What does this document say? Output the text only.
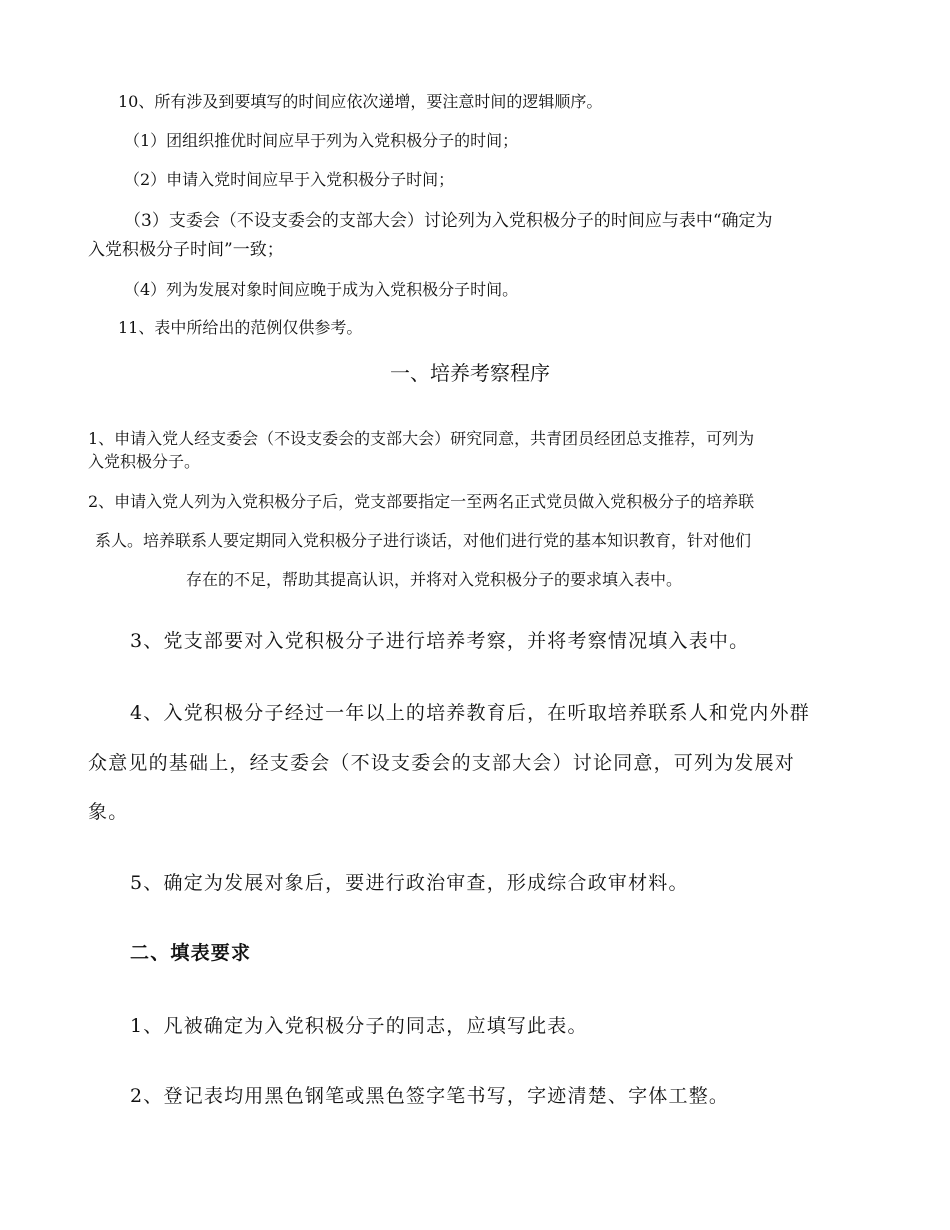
10、所有涉及到要填写的时间应依次递增，要注意时间的逻辑顺序。
（1）团组织推优时间应早于列为入党积极分子的时间；
（2）申请入党时间应早于入党积极分子时间；
（3）支委会（不设支委会的支部大会）讨论列为入党积极分子的时间应与表中“确定为
入党积极分子时间”一致；
（4）列为发展对象时间应晚于成为入党积极分子时间。
11、表中所给出的范例仅供参考。
一、培养考察程序
1、申请入党人经支委会（不设支委会的支部大会）研究同意，共青团员经团总支推荐，可列为
入党积极分子。
2、申请入党人列为入党积极分子后，党支部要指定一至两名正式党员做入党积极分子的培养联
系人。培养联系人要定期同入党积极分子进行谈话，对他们进行党的基本知识教育，针对他们
存在的不足，帮助其提高认识，并将对入党积极分子的要求填入表中。
3、党支部要对入党积极分子进行培养考察，并将考察情况填入表中。
4、入党积极分子经过一年以上的培养教育后，在听取培养联系人和党内外群
众意见的基础上，经支委会（不设支委会的支部大会）讨论同意，可列为发展对
象。
5、确定为发展对象后，要进行政治审查，形成综合政审材料。
二、填表要求
1、凡被确定为入党积极分子的同志，应填写此表。
2、登记表均用黑色钢笔或黑色签字笔书写，字迹清楚、字体工整。
